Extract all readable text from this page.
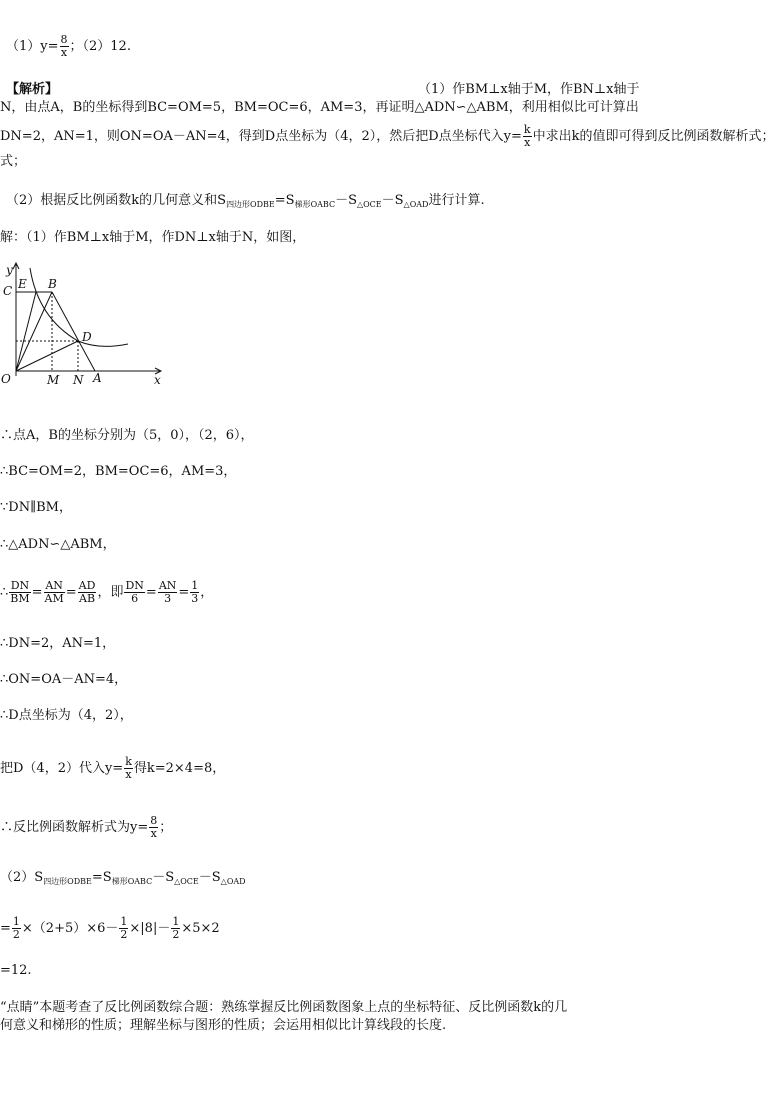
$(1)y= \frac{8}{x}$ ；（2）12.
【解析】	（1）作BM⊥x轴于M，作BN⊥x轴于
N，由点A，B的坐标得到BC=OM=5，BM=OC=6，AM=3，再证明△ADN∽△ABM，利用相似比可计算出
DN=2，AN=1，则ON=OA－AN=4，得到D点坐标为（4，2），然后把D点坐标代入$y= \frac{k}{x}$ 中求出k的值即可得到反比例函数解析式；
式；
（2）根据反比例函数k的几何意义和$S_{四边形ODBE}=S_{梯形OABC}-S_{\triangle OCE}-S_{\triangle OAD}$进行计算.
解：（1）作BM⊥x轴于M，作DN⊥x轴于N，如图，
y
C E B
D
O	M N A	x
∴点A，B的坐标分别为（5，0），（2，6），
∴BC=OM=2，BM=OC=6，AM=3，
∵DN∥BM，
∴△ADN∽△ABM，
∴ $\frac{DN}{BM} = \frac{AN}{AM} = \frac{AD}{AB}$ ，即 $\frac{DN}{6} = \frac{AN}{3} = \frac{1}{3}$ ，
∴DN=2，AN=1，
∴ON=OA－AN=4，
∴D点坐标为（4，2），
把D（4，2）代入$y= \frac{k}{x}$ 得k=2×4=8，
∴反比例函数解析式为$y= \frac{8}{x}$ ；
$(2)S_{四边形ODBE}=S_{梯形OABC}-S_{\triangle OCE}-S_{\triangle OAD}$
= $\frac{1}{2} \times(2+5)\times 6- \frac{1}{2} \times|8|- \frac{1}{2} \times 5\times 2$
=12.
“点睛”本题考查了反比例函数综合题：熟练掌握反比例函数图象上点的坐标特征、反比例函数k的几
何意义和梯形的性质；理解坐标与图形的性质；会运用相似比计算线段的长度.
